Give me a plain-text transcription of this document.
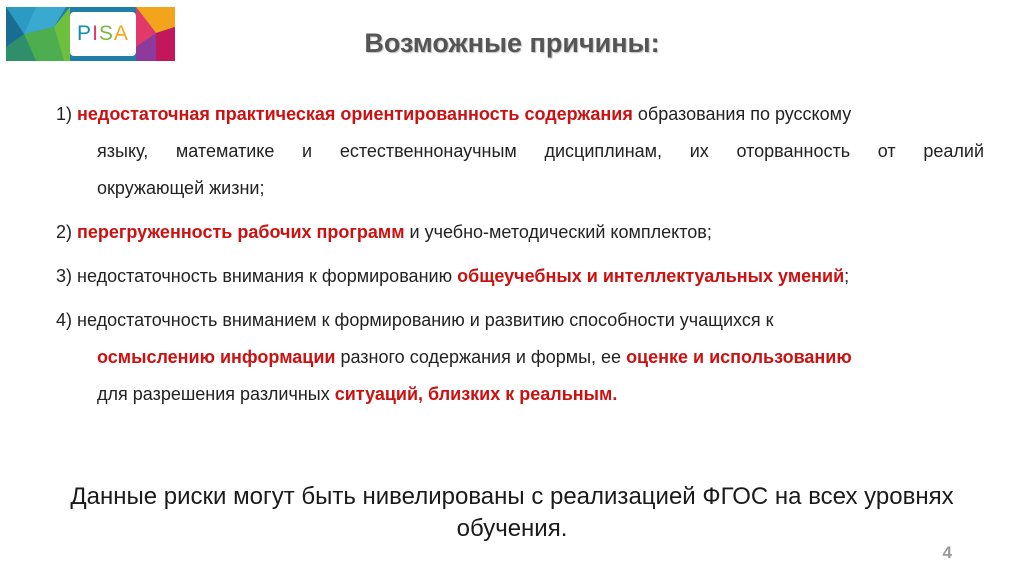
P I S A	Возможные причины:
1) недостаточная практическая ориентированность содержания образования по русскому
языку, математике и естественнонаучным дисциплинам, их оторванность от реалий
окружающей жизни;
2) перегруженность рабочих программ и учебно-методический комплектов;
3) недостаточность внимания к формированию общеучебных и интеллектуальных умений;
4) недостаточность вниманием к формированию и развитию способности учащихся к
осмыслению информации разного содержания и формы, ее оценке и использованию
для разрешения различных ситуаций, близких к реальным.
Данные риски могут быть нивелированы с реализацией ФГОС на всех уровнях обучения.
4
